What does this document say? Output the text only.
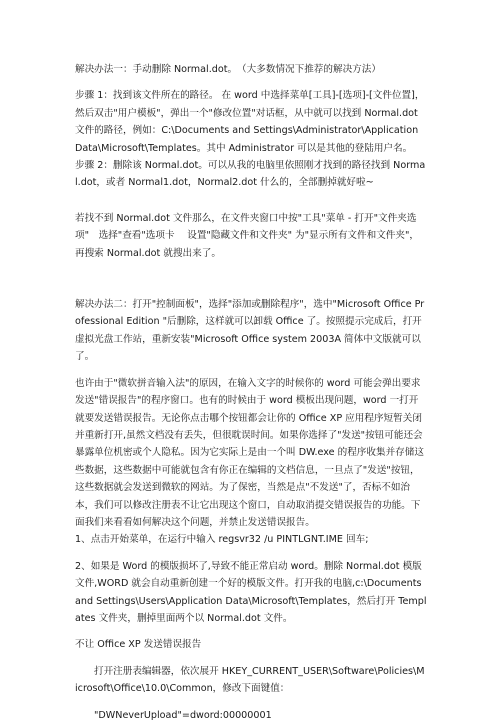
解决办法一：手动删除 Normal.dot。　（大多数情况下推荐的解决方法）

步骤 1：找到该文件所在的路径。 在 word 中选择菜单[工具]-[选项]-[文件位置]，然后双击"用户模板"，弹出一个"修改位置"对话框，从中就可以找到 Normal.dot 文件的路径，例如：C:\Documents and Settings\Administrator\Application Data\Microsoft\Templates。其中 Administrator 可以是其他的登陆用户名。

步骤 2：删除该 Normal.dot。可以从我的电脑里依照刚才找到的路径找到 Normal.dot，或者 Normal1.dot，Normal2.dot 什么的，全部删掉就好啦~

若找不到 Normal.dot 文件那么，在文件夹窗口中按"工具"菜单 - 打开"文件夹选项"　选择"查看"选项卡　 设置"隐藏文件和文件夹" 为"显示所有文件和文件夹"，再搜索 Normal.dot 就搜出来了。

解决办法二：打开"控制面板"，选择"添加或删除程序"，选中"Microsoft Office Professional Edition "后删除，这样就可以卸载 Office 了。按照提示完成后，打开虚拟光盘工作站，重新安装"Microsoft Office system 2003A 简体中文版就可以了。

也许由于"微软拼音输入法"的原因，在输入文字的时候你的 word 可能会弹出要求发送"错误报告"的程序窗口。也有的时候由于 word 模板出现问题，word 一打开就要发送错误报告。无论你点击哪个按钮都会让你的 Office XP 应用程序短暂关闭并重新打开,虽然文档没有丢失，但很耽误时间。如果你选择了"发送"按钮可能还会暴露单位机密或个人隐私。因为它实际上是由一个叫 DW.exe 的程序收集并存储这些数据，这些数据中可能就包含有你正在编辑的文档信息，一旦点了"发送"按钮，这些数据就会发送到微软的网站。为了保密，当然是点"不发送"了，否标不如治本，我们可以修改注册表不让它出现这个窗口，自动取消提交错误报告的功能。下面我们来看看如何解决这个问题，并禁止发送错误报告。

1、点击开始菜单，在运行中输入 regsvr32 /u PINTLGNT.IME 回车;

2、如果是 Word 的模版损坏了,导致不能正常启动 word。删除 Normal.dot 模版文件,WORD 就会自动重新创建一个好的模版文件。打开我的电脑,c:\Documents and Settings\Users\Application Data\Microsoft\Templates，然后打开 Templates 文件夹，删掉里面两个以 Normal.dot 文件。

不让 Office XP 发送错误报告

打开注册表编辑器，依次展开 HKEY_CURRENT_USER\Software\Policies\Microsoft\Office\10.0\Common，修改下面键值：

"DWNeverUpload"=dword:00000001
